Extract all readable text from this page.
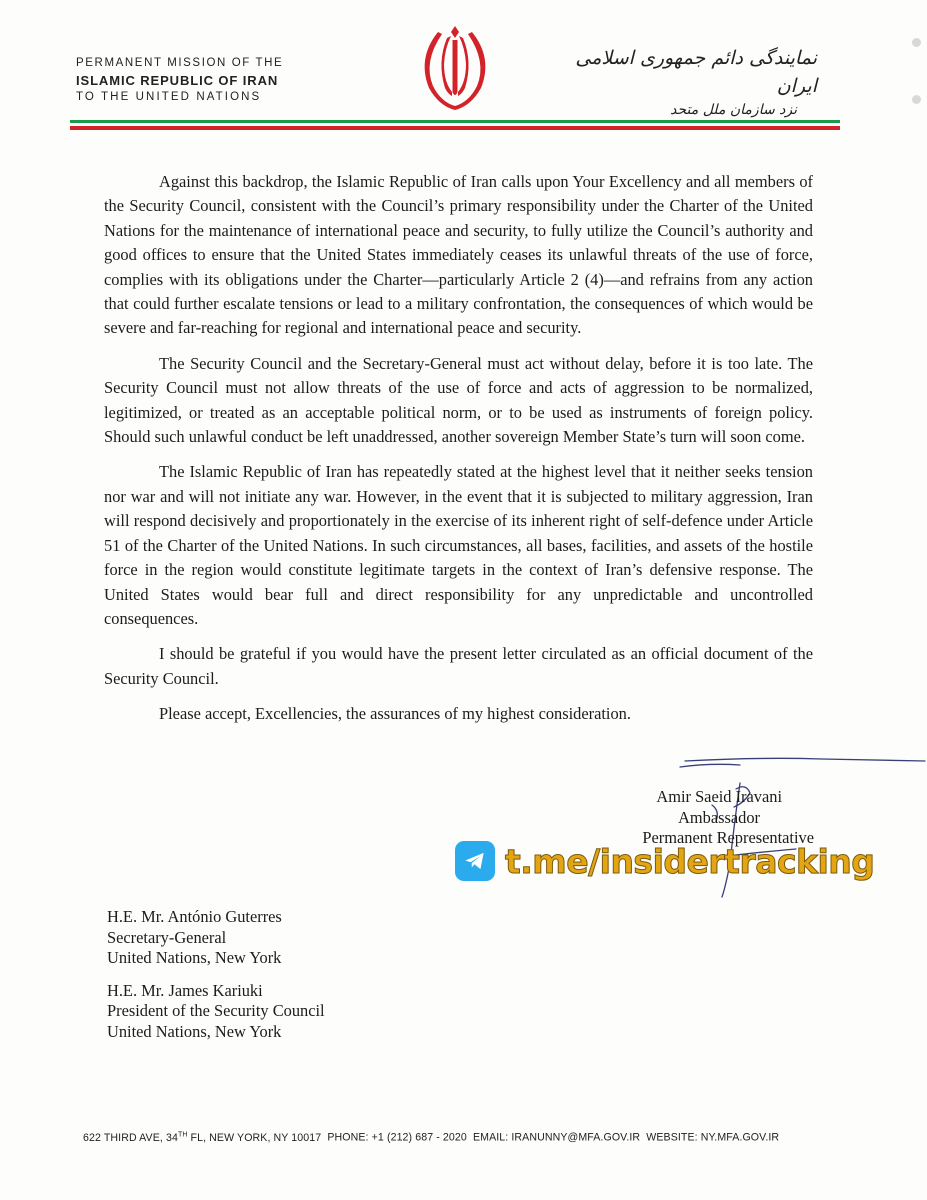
PERMANENT MISSION OF THE
ISLAMIC REPUBLIC OF IRAN
TO THE UNITED NATIONS
نمایندگی دائم جمهوری اسلامی ایران
نزد سازمان ملل متحد

Against this backdrop, the Islamic Republic of Iran calls upon Your Excellency and all members of the Security Council, consistent with the Council’s primary responsibility under the Charter of the United Nations for the maintenance of international peace and security, to fully utilize the Council’s authority and good offices to ensure that the United States immediately ceases its unlawful threats of the use of force, complies with its obligations under the Charter—particularly Article 2 (4)—and refrains from any action that could further escalate tensions or lead to a military confrontation, the consequences of which would be severe and far-reaching for regional and international peace and security.

The Security Council and the Secretary-General must act without delay, before it is too late. The Security Council must not allow threats of the use of force and acts of aggression to be normalized, legitimized, or treated as an acceptable political norm, or to be used as instruments of foreign policy. Should such unlawful conduct be left unaddressed, another sovereign Member State’s turn will soon come.

The Islamic Republic of Iran has repeatedly stated at the highest level that it neither seeks tension nor war and will not initiate any war. However, in the event that it is subjected to military aggression, Iran will respond decisively and proportionately in the exercise of its inherent right of self-defence under Article 51 of the Charter of the United Nations. In such circumstances, all bases, facilities, and assets of the hostile force in the region would constitute legitimate targets in the context of Iran’s defensive response. The United States would bear full and direct responsibility for any unpredictable and uncontrolled consequences.

I should be grateful if you would have the present letter circulated as an official document of the Security Council.

Please accept, Excellencies, the assurances of my highest consideration.

Amir Saeid Iravani
Ambassador
Permanent Representative
t.me/insidertracking
H.E. Mr. António Guterres
Secretary-General
United Nations, New York
H.E. Mr. James Kariuki
President of the Security Council
United Nations, New York
622 THIRD AVE, 34TH FL, NEW YORK, NY 10017 PHONE: +1 (212) 687 - 2020 EMAIL: IRANUNNY@MFA.GOV.IR WEBSITE: NY.MFA.GOV.IR
